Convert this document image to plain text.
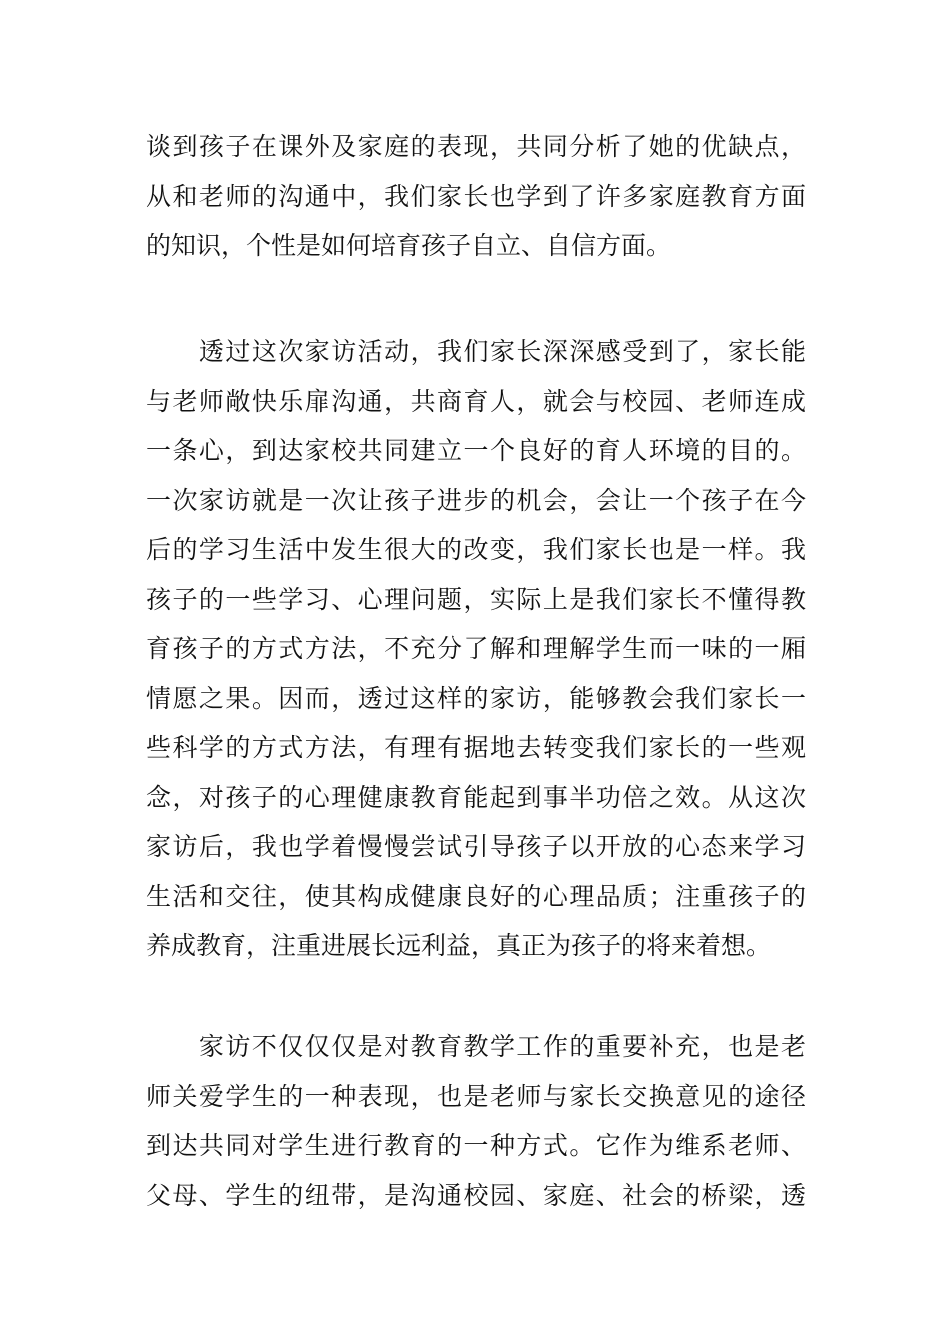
谈到孩子在课外及家庭的表现，共同分析了她的优缺点，
从和老师的沟通中，我们家长也学到了许多家庭教育方面
的知识，个性是如何培育孩子自立、自信方面。
　　透过这次家访活动，我们家长深深感受到了，家长能
与老师敞快乐扉沟通，共商育人，就会与校园、老师连成
一条心，到达家校共同建立一个良好的育人环境的目的。
一次家访就是一次让孩子进步的机会，会让一个孩子在今
后的学习生活中发生很大的改变，我们家长也是一样。我
孩子的一些学习、心理问题，实际上是我们家长不懂得教
育孩子的方式方法，不充分了解和理解学生而一味的一厢
情愿之果。因而，透过这样的家访，能够教会我们家长一
些科学的方式方法，有理有据地去转变我们家长的一些观
念，对孩子的心理健康教育能起到事半功倍之效。从这次
家访后，我也学着慢慢尝试引导孩子以开放的心态来学习
生活和交往，使其构成健康良好的心理品质；注重孩子的
养成教育，注重进展长远利益，真正为孩子的将来着想。
　　家访不仅仅仅是对教育教学工作的重要补充，也是老
师关爱学生的一种表现，也是老师与家长交换意见的途径
到达共同对学生进行教育的一种方式。它作为维系老师、
父母、学生的纽带，是沟通校园、家庭、社会的桥梁，透
